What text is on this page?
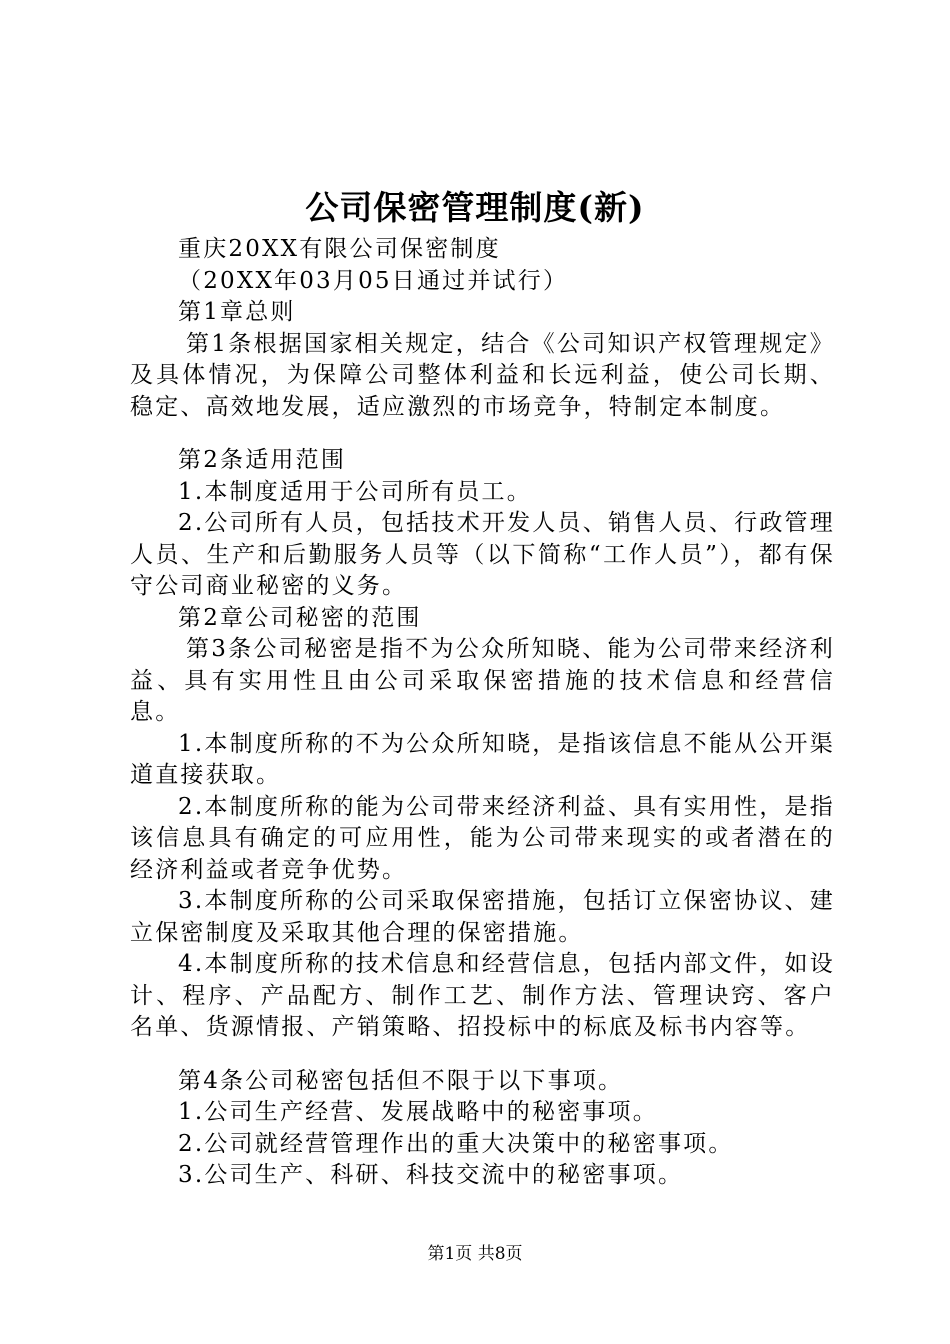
公司保密管理制度(新)

重庆20XX有限公司保密制度

（20XX年03月05日通过并试行）

第1章总则

第1条根据国家相关规定，结合《公司知识产权管理规定》及具体情况，为保障公司整体利益和长远利益，使公司长期、稳定、高效地发展，适应激烈的市场竞争，特制定本制度。

第2条适用范围

1.本制度适用于公司所有员工。

2.公司所有人员，包括技术开发人员、销售人员、行政管理人员、生产和后勤服务人员等（以下简称“工作人员”），都有保守公司商业秘密的义务。

第2章公司秘密的范围

第3条公司秘密是指不为公众所知晓、能为公司带来经济利益、具有实用性且由公司采取保密措施的技术信息和经营信息。

1.本制度所称的不为公众所知晓，是指该信息不能从公开渠道直接获取。

2.本制度所称的能为公司带来经济利益、具有实用性，是指该信息具有确定的可应用性，能为公司带来现实的或者潜在的经济利益或者竞争优势。

3.本制度所称的公司采取保密措施，包括订立保密协议、建立保密制度及采取其他合理的保密措施。

4.本制度所称的技术信息和经营信息，包括内部文件，如设计、程序、产品配方、制作工艺、制作方法、管理诀窍、客户名单、货源情报、产销策略、招投标中的标底及标书内容等。

第4条公司秘密包括但不限于以下事项。

1.公司生产经营、发展战略中的秘密事项。

2.公司就经营管理作出的重大决策中的秘密事项。

3.公司生产、科研、科技交流中的秘密事项。

第1页 共8页
